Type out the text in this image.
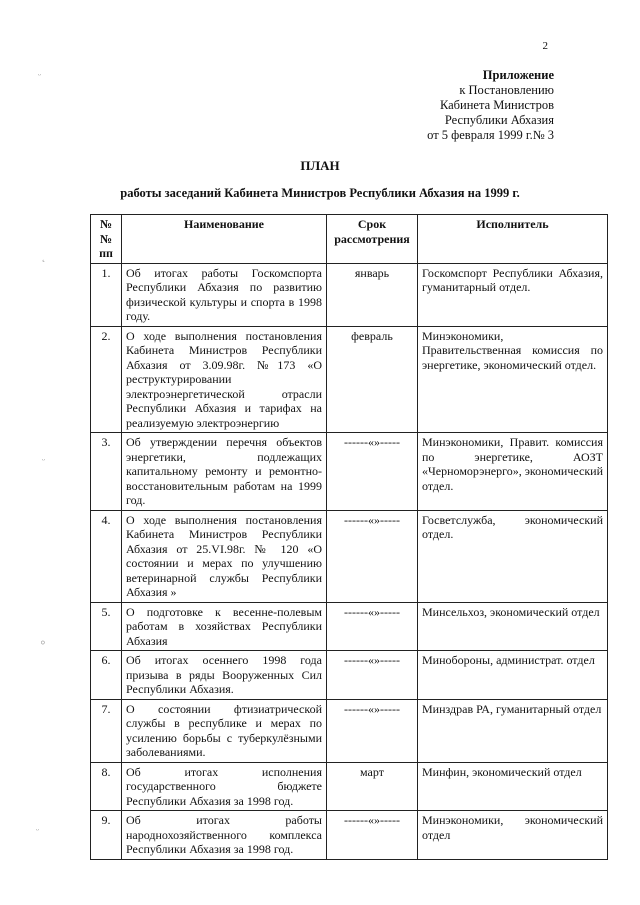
2
Приложение
к Постановлению
Кабинета Министров
Республики Абхазия
от 5 февраля 1999 г.№ 3
ПЛАН
работы заседаний Кабинета Министров Республики Абхазия на 1999 г.
№№ пп	Наименование	Срок рассмотрения	Исполнитель
1.	Об итогах работы Госкомспорта Республики Абхазия по развитию физической культуры и спорта в 1998 году.	январь	Госкомспорт Республики Абхазия, гуманитарный отдел.
2.	О ходе выполнения постановления Кабинета Министров Республики Абхазия от 3.09.98г. №173 «О реструктурировании электроэнергетической отрасли Республики Абхазия и тарифах на реализуемую электроэнергию	февраль	Минэкономики, Правительственная комиссия по энергетике, экономический отдел.
3.	Об утверждении перечня объектов энергетики, подлежащих капитальному ремонту и ремонтно-восстановительным работам на 1999 год.	------«»-----	Минэкономики, Правит. комиссия по энергетике, АОЗТ «Черноморэнерго», экономический отдел.
4.	О ходе выполнения постановления Кабинета Министров Республики Абхазия от 25.VI.98г. № 120 «О состоянии и мерах по улучшению ветеринарной службы Республики Абхазия »	------«»-----	Госветслужба, экономический отдел.
5.	О подготовке к весенне-полевым работам в хозяйствах Республики Абхазия	------«»-----	Минсельхоз, экономический отдел
6.	Об итогах осеннего 1998 года призыва в ряды Вооруженных Сил Республики Абхазия.	------«»-----	Минобороны, администрат. отдел
7.	О состоянии фтизиатрической службы в республике и мерах по усилению борьбы с туберкулёзными заболеваниями.	------«»-----	Минздрав РА, гуманитарный отдел
8.	Об итогах исполнения государственного бюджете Республики Абхазия за 1998 год.	март	Минфин, экономический отдел
9.	Об итогах работы народнохозяйственного комплекса Республики Абхазия за 1998 год.	------«»-----	Минэкономики, экономический отдел
ᵕ
˛
ᵕ
⸰
ᵕ
